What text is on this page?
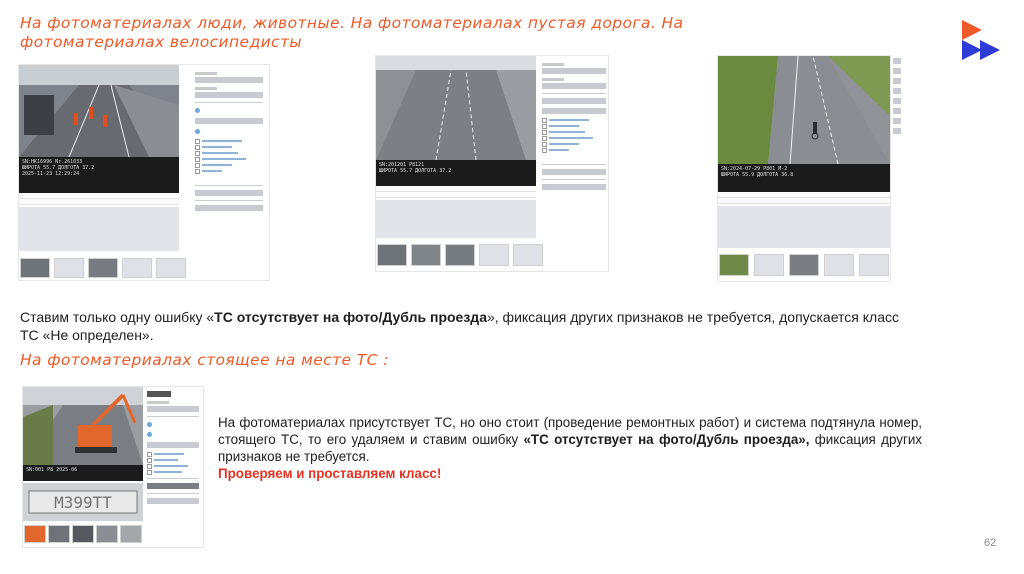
На фотоматериалах люди, животные. На фотоматериалах пустая дорога. На фотоматериалах велосипедисты
SN:HK16996 Nr.261033
ШИРОТА 55.7 ДОЛГОТА 37.2
2025-11-23 12:29:24
SN:201201 P8121
ШИРОТА 55.7 ДОЛГОТА 37.2	SN:2024-07-29 P801 M-2
ШИРОТА 55.9 ДОЛГОТА 36.8
Ставим только одну ошибку «ТС отсутствует на фото/Дубль проезда», фиксация других признаков не требуется, допускается класс ТС «Не определен».
На фотоматериалах стоящее на месте ТС :
SN:001 P8 2025-06
M399TT
На фотоматериалах присутствует ТС, но оно стоит (проведение ремонтных работ) и система подтянула номер, стоящего ТС, то его удаляем и ставим ошибку «ТС отсутствует на фото/Дубль проезда», фиксация других признаков не требуется.
Проверяем и проставляем класс!
62
